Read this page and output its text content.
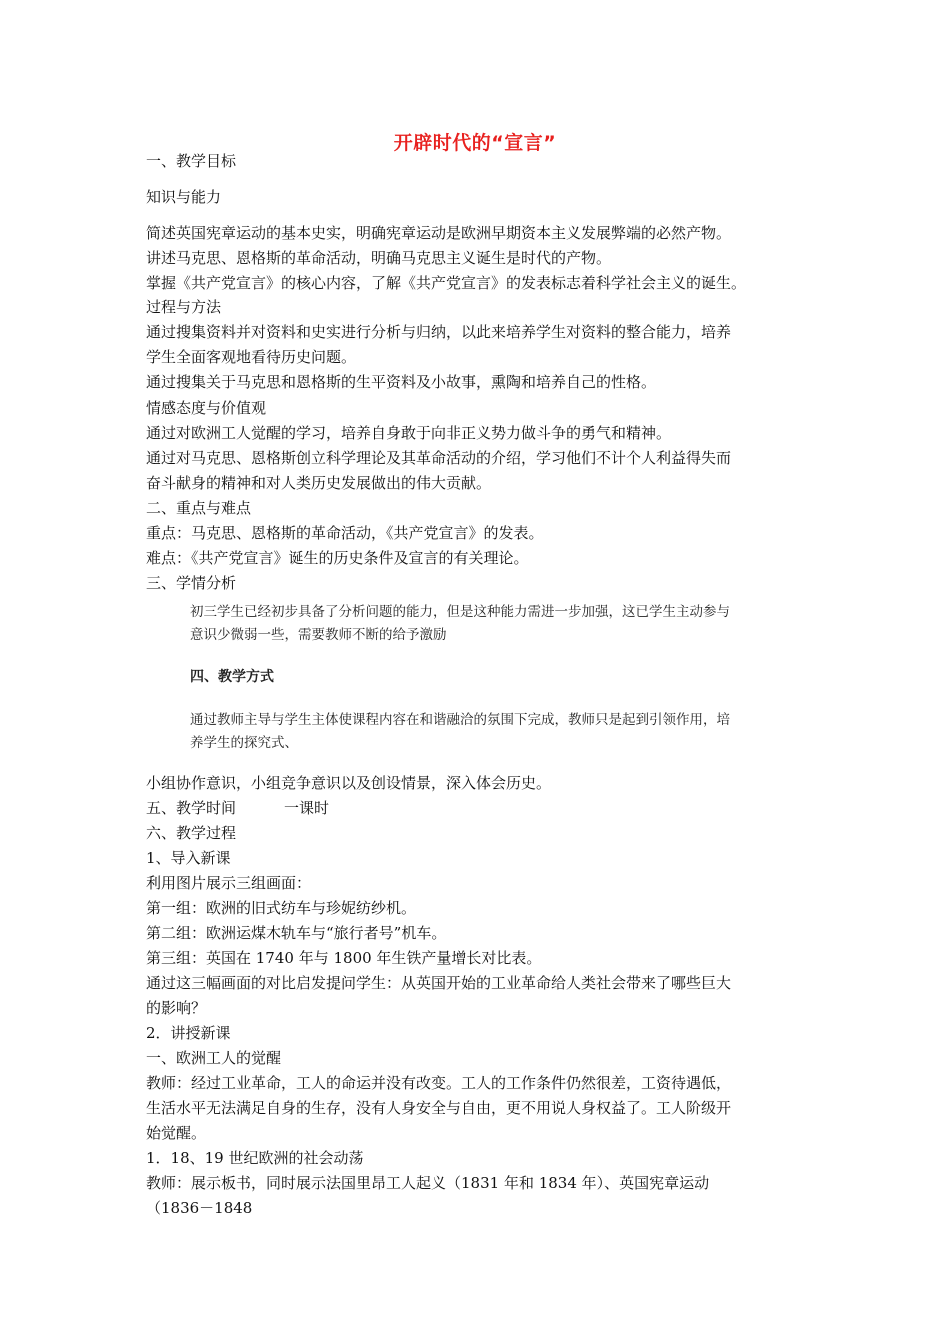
开辟时代的“宣言”
一、教学目标
知识与能力
简述英国宪章运动的基本史实，明确宪章运动是欧洲早期资本主义发展弊端的必然产物。
讲述马克思、恩格斯的革命活动，明确马克思主义诞生是时代的产物。
掌握《共产党宣言》的核心内容，了解《共产党宣言》的发表标志着科学社会主义的诞生。
过程与方法
通过搜集资料并对资料和史实进行分析与归纳，以此来培养学生对资料的整合能力，培养
学生全面客观地看待历史问题。
通过搜集关于马克思和恩格斯的生平资料及小故事，熏陶和培养自己的性格。
情感态度与价值观
通过对欧洲工人觉醒的学习，培养自身敢于向非正义势力做斗争的勇气和精神。
通过对马克思、恩格斯创立科学理论及其革命活动的介绍，学习他们不计个人利益得失而
奋斗献身的精神和对人类历史发展做出的伟大贡献。
二、重点与难点
重点：马克思、恩格斯的革命活动，《共产党宣言》的发表。
难点：《共产党宣言》诞生的历史条件及宣言的有关理论。
三、学情分析
初三学生已经初步具备了分析问题的能力，但是这种能力需进一步加强，这已学生主动参与
意识少微弱一些，需要教师不断的给予激励
四、教学方式
通过教师主导与学生主体使课程内容在和谐融洽的氛围下完成，教师只是起到引领作用，培
养学生的探究式、
小组协作意识，小组竞争意识以及创设情景，深入体会历史。
五、教学时间	一课时
六、教学过程
1、导入新课
利用图片展示三组画面：
第一组：欧洲的旧式纺车与珍妮纺纱机。
第二组：欧洲运煤木轨车与“旅行者号”机车。
第三组：英国在 1740 年与 1800 年生铁产量增长对比表。
通过这三幅画面的对比启发提问学生：从英国开始的工业革命给人类社会带来了哪些巨大
的影响？
2．讲授新课
一、欧洲工人的觉醒
教师：经过工业革命，工人的命运并没有改变。工人的工作条件仍然很差，工资待遇低，
生活水平无法满足自身的生存，没有人身安全与自由，更不用说人身权益了。工人阶级开
始觉醒。
1．18、19 世纪欧洲的社会动荡
教师：展示板书，同时展示法国里昂工人起义（1831 年和 1834 年）、英国宪章运动
（1836－1848
